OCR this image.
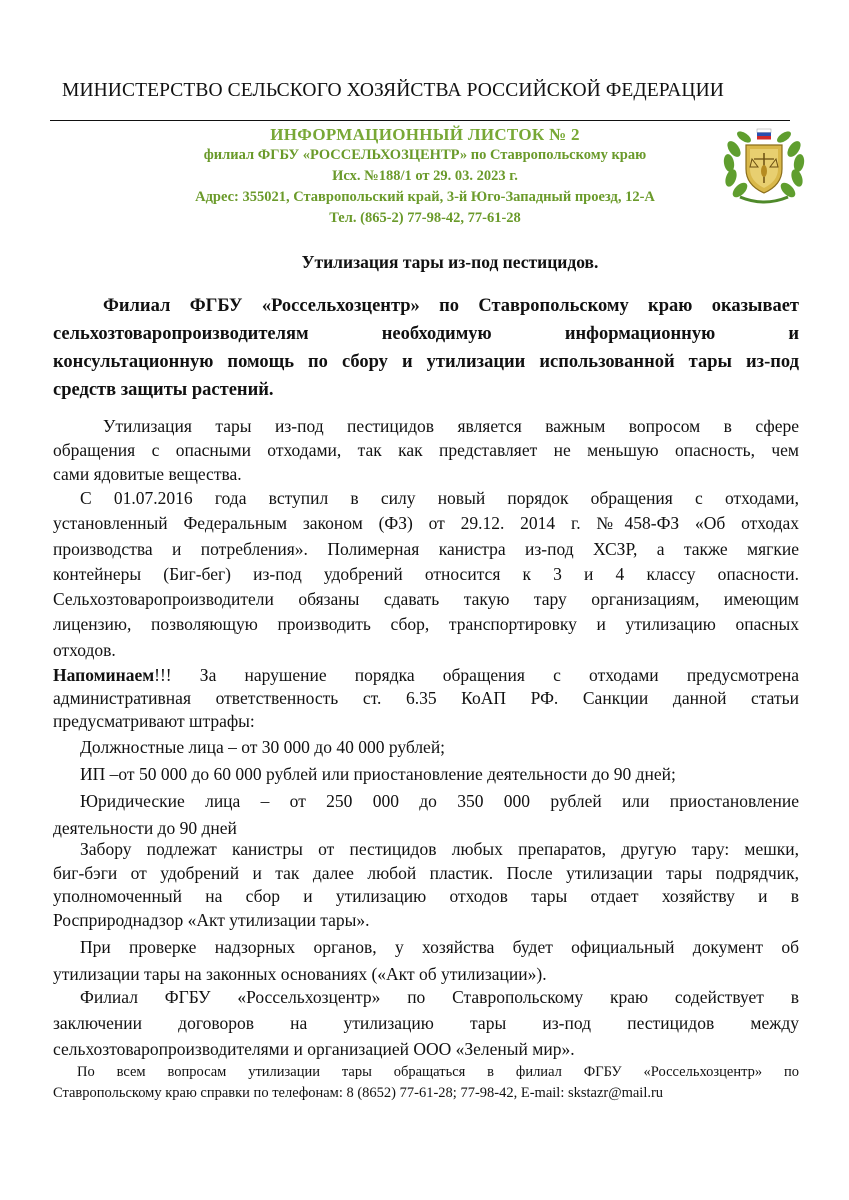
МИНИСТЕРСТВО СЕЛЬСКОГО ХОЗЯЙСТВА РОССИЙСКОЙ ФЕДЕРАЦИИ
ИНФОРМАЦИОННЫЙ ЛИСТОК № 2
филиал ФГБУ «РОССЕЛЬХОЗЦЕНТР» по Ставропольскому краю
Исх. №188/1 от 29. 03. 2023 г.
Адрес: 355021, Ставропольский край, 3-й Юго-Западный проезд, 12-А
Тел. (865-2) 77-98-42, 77-61-28
Утилизация тары из-под пестицидов.
Филиал ФГБУ «Россельхозцентр» по Ставропольскому краю оказывает
сельхозтоваропроизводителям необходимую информационную и
консультационную помощь по сбору и утилизации использованной тары из-под
средств защиты растений.
Утилизация тары из-под пестицидов является важным вопросом в сфере
обращения с опасными отходами, так как представляет не меньшую опасность, чем
сами ядовитые вещества.
С 01.07.2016 года вступил в силу новый порядок обращения с отходами,
установленный Федеральным законом (ФЗ) от 29.12. 2014 г. №458-ФЗ «Об отходах
производства и потребления». Полимерная канистра из-под ХСЗР, а также мягкие
контейнеры (Биг-бег) из-под удобрений относится к 3 и 4 классу опасности.
Сельхозтоваропроизводители обязаны сдавать такую тару организациям, имеющим
лицензию, позволяющую производить сбор, транспортировку и утилизацию опасных
отходов.
Напоминаем!!! За нарушение порядка обращения с отходами предусмотрена
административная ответственность ст. 6.35 КоАП РФ. Санкции данной статьи
предусматривают штрафы:
Должностные лица – от 30 000 до 40 000 рублей;
ИП –от 50 000 до 60 000 рублей или приостановление деятельности до 90 дней;
Юридические лица – от 250 000 до 350 000 рублей или приостановление
деятельности до 90 дней
Забору подлежат канистры от пестицидов любых препаратов, другую тару: мешки,
биг-бэги от удобрений и так далее любой пластик. После утилизации тары подрядчик,
уполномоченный на сбор и утилизацию отходов тары отдает хозяйству и в
Росприроднадзор «Акт утилизации тары».
При проверке надзорных органов, у хозяйства будет официальный документ об
утилизации тары на законных основаниях («Акт об утилизации»).
Филиал ФГБУ «Россельхозцентр» по Ставропольскому краю содействует в
заключении договоров на утилизацию тары из-под пестицидов между
сельхозтоваропроизводителями и организацией ООО «Зеленый мир».
По всем вопросам утилизации тары обращаться в филиал ФГБУ «Россельхозцентр» по
Ставропольскому краю справки по телефонам: 8 (8652) 77-61-28; 77-98-42, E-mail: skstazr@mail.ru
